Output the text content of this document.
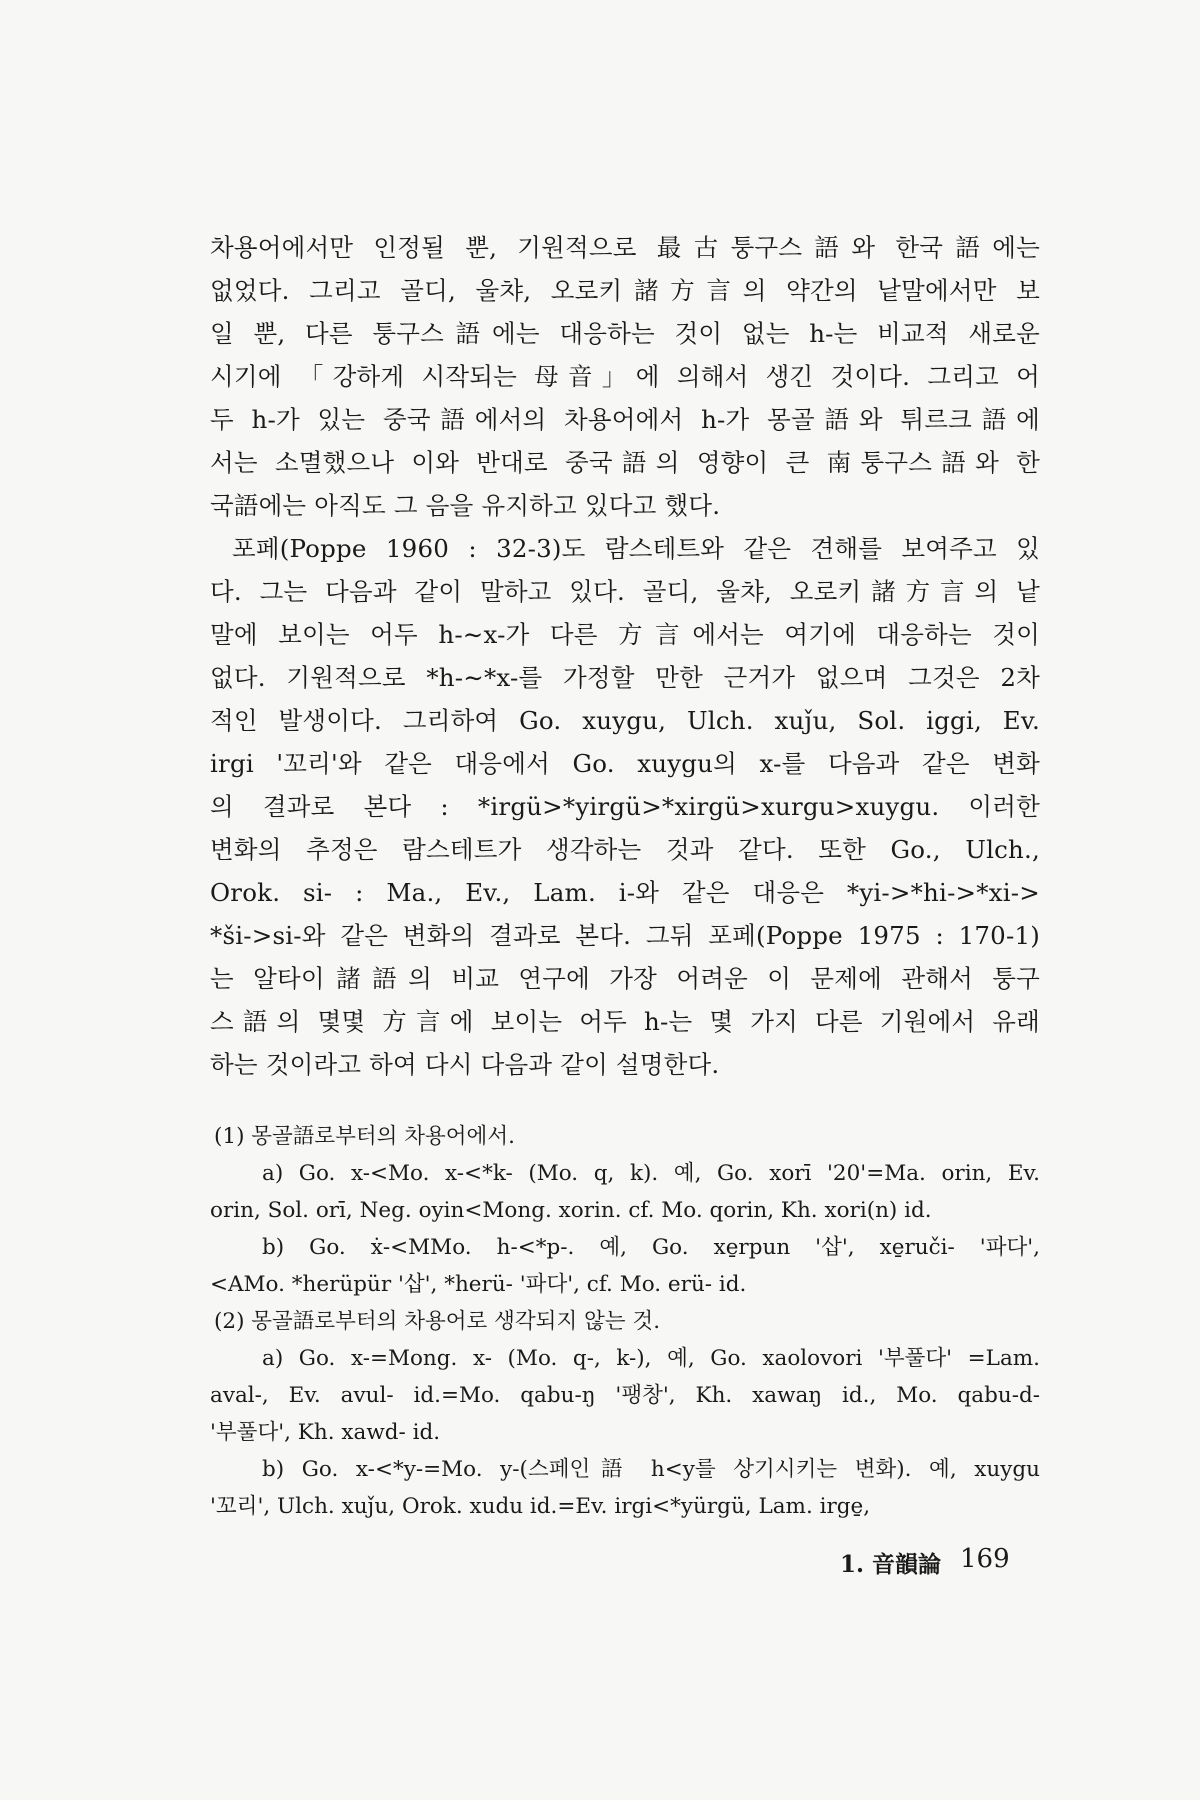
차용어에서만 인정될 뿐, 기원적으로 最古퉁구스語와 한국語에는
없었다. 그리고 골디, 울챠, 오로키諸方言의 약간의 낱말에서만 보
일 뿐, 다른 퉁구스語에는 대응하는 것이 없는 h-는 비교적 새로운
시기에 「강하게 시작되는 母音」에 의해서 생긴 것이다. 그리고 어
두 h-가 있는 중국語에서의 차용어에서 h-가 몽골語와 튀르크語에
서는 소멸했으나 이와 반대로 중국語의 영향이 큰 南퉁구스語와 한
국語에는 아직도 그 음을 유지하고 있다고 했다.
포페(Poppe 1960 : 32-3)도 람스테트와 같은 견해를 보여주고 있
다. 그는 다음과 같이 말하고 있다. 골디, 울챠, 오로키諸方言의 낱
말에 보이는 어두 h-∼x-가 다른 方言에서는 여기에 대응하는 것이
없다. 기원적으로 *h-∼*x-를 가정할 만한 근거가 없으며 그것은 2차
적인 발생이다. 그리하여 Go. xuygu, Ulch. xuǰu, Sol. iggi, Ev.
irgi '꼬리'와 같은 대응에서 Go. xuygu의 x-를 다음과 같은 변화
의 결과로 본다 : *irgü>*yirgü>*xirgü>xurgu>xuygu. 이러한
변화의 추정은 람스테트가 생각하는 것과 같다. 또한 Go., Ulch.,
Orok. si- : Ma., Ev., Lam. i-와 같은 대응은 *yi->*hi->*xi->
*ši->si-와 같은 변화의 결과로 본다. 그뒤 포페(Poppe 1975 : 170-1)
는 알타이諸語의 비교 연구에 가장 어려운 이 문제에 관해서 퉁구
스語의 몇몇 方言에 보이는 어두 h-는 몇 가지 다른 기원에서 유래
하는 것이라고 하여 다시 다음과 같이 설명한다.
(1) 몽골語로부터의 차용어에서.
a) Go. x-<Mo. x-<*k- (Mo. q, k). 예, Go. xorī '20'=Ma. orin, Ev.
orin, Sol. orī, Neg. oyin<Mong. xorin. cf. Mo. qorin, Kh. xori(n) id.
b) Go. ẋ-<MMo. h-<*p-. 예, Go. xe̱rpun '삽', xe̱ruči- '파다',
<AMo. *herüpür '삽', *herü- '파다', cf. Mo. erü- id.
(2) 몽골語로부터의 차용어로 생각되지 않는 것.
a) Go. x-=Mong. x- (Mo. q-, k-), 예, Go. xaolovori '부풀다' =Lam.
aval-, Ev. avul- id.=Mo. qabu-ŋ '팽창', Kh. xawaŋ id., Mo. qabu-d-
'부풀다', Kh. xawd- id.
b) Go. x-<*y-=Mo. y-(스페인語 h<y를 상기시키는 변화). 예, xuygu
'꼬리', Ulch. xuǰu, Orok. xudu id.=Ev. irgi<*yürgü, Lam. irge̱,
1. 音韻論 169
